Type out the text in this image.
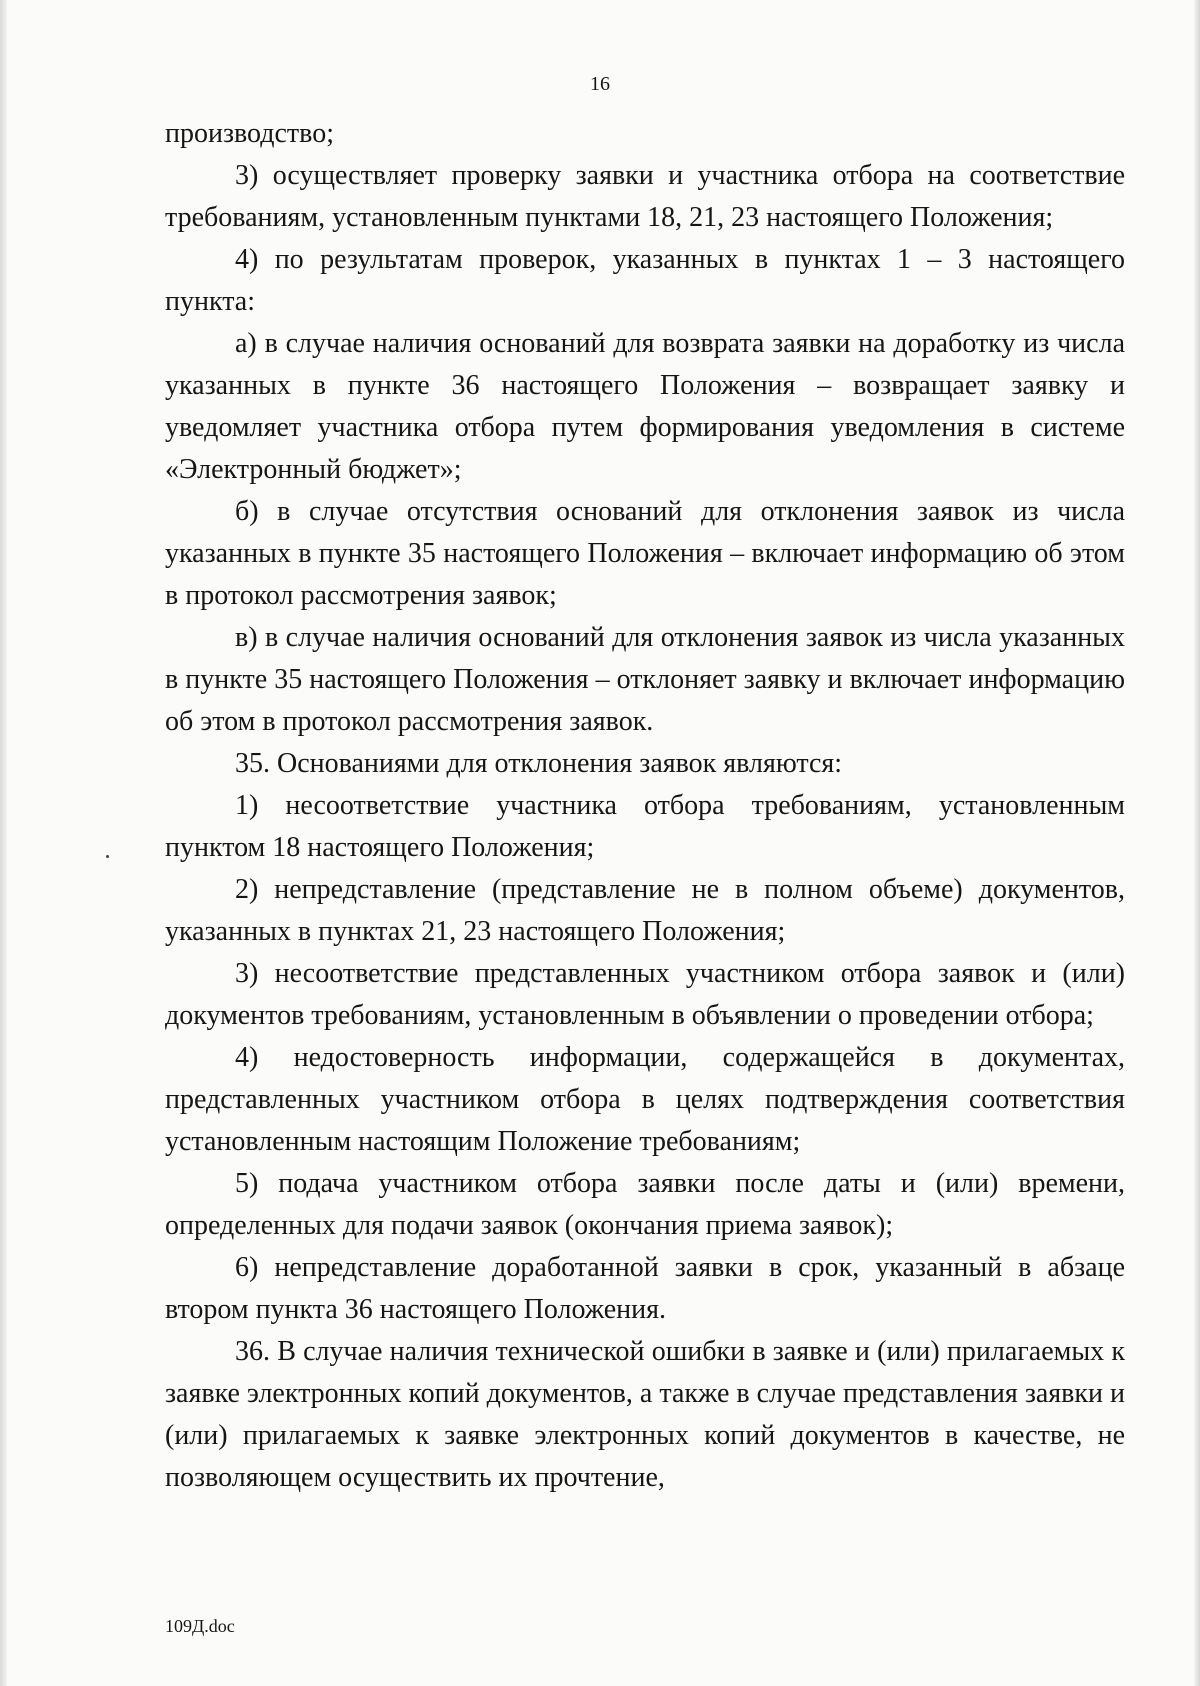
16

производство;

3) осуществляет проверку заявки и участника отбора на соответствие требованиям, установленным пунктами 18, 21, 23 настоящего Положения;

4) по результатам проверок, указанных в пунктах 1 – 3 настоящего пункта:

а) в случае наличия оснований для возврата заявки на доработку из числа указанных в пункте 36 настоящего Положения – возвращает заявку и уведомляет участника отбора путем формирования уведомления в системе «Электронный бюджет»;

б) в случае отсутствия оснований для отклонения заявок из числа указанных в пункте 35 настоящего Положения – включает информацию об этом в протокол рассмотрения заявок;

в) в случае наличия оснований для отклонения заявок из числа указанных в пункте 35 настоящего Положения – отклоняет заявку и включает информацию об этом в протокол рассмотрения заявок.

35. Основаниями для отклонения заявок являются:

1) несоответствие участника отбора требованиям, установленным пунктом 18 настоящего Положения;

2) непредставление (представление не в полном объеме) документов, указанных в пунктах 21, 23 настоящего Положения;

3) несоответствие представленных участником отбора заявок и (или) документов требованиям, установленным в объявлении о проведении отбора;

4) недостоверность информации, содержащейся в документах, представленных участником отбора в целях подтверждения соответствия установленным настоящим Положение требованиям;

5) подача участником отбора заявки после даты и (или) времени, определенных для подачи заявок (окончания приема заявок);

6) непредставление доработанной заявки в срок, указанный в абзаце втором пункта 36 настоящего Положения.

36. В случае наличия технической ошибки в заявке и (или) прилагаемых к заявке электронных копий документов, а также в случае представления заявки и (или) прилагаемых к заявке электронных копий документов в качестве, не позволяющем осуществить их прочтение,

109Д.doc
